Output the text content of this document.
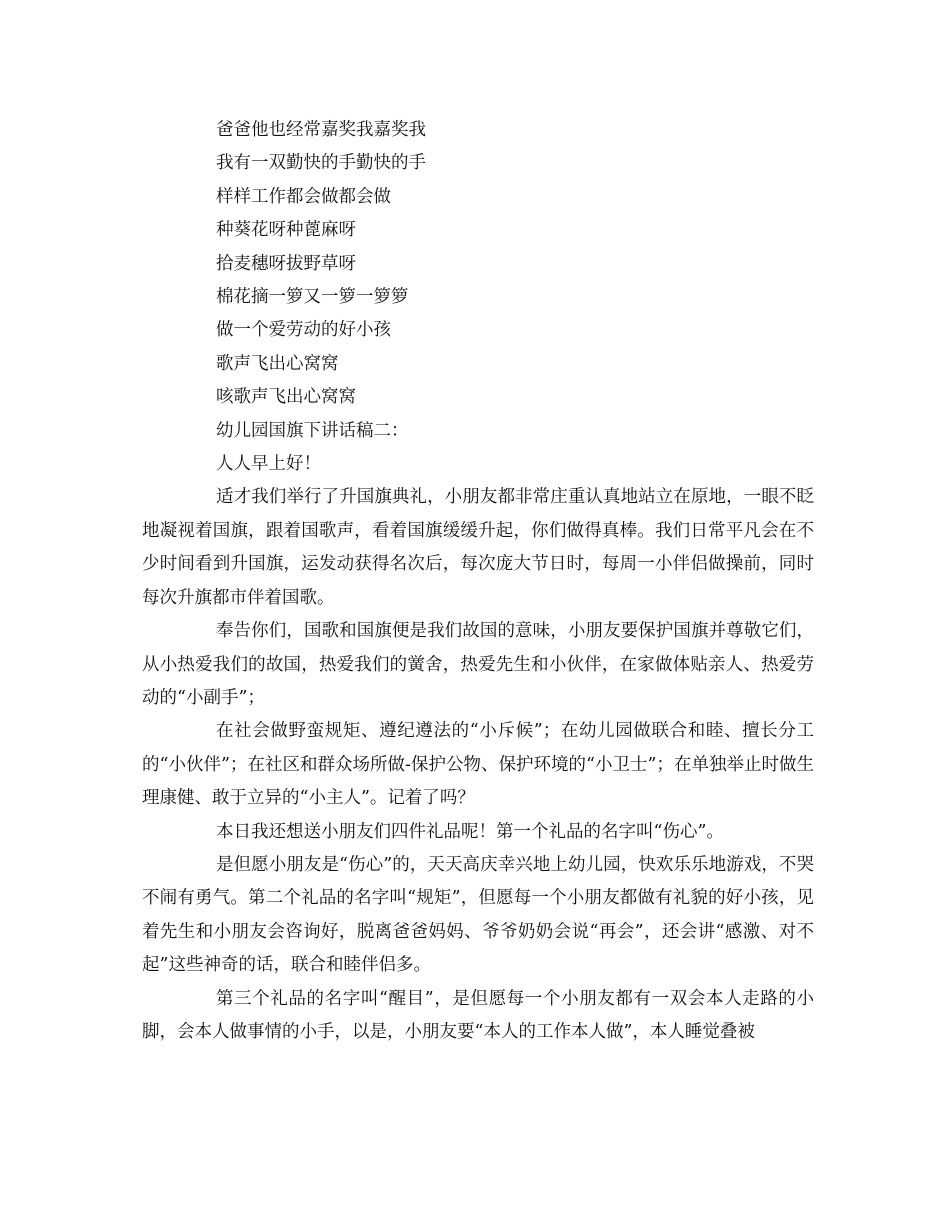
爸爸他也经常嘉奖我嘉奖我

我有一双勤快的手勤快的手

样样工作都会做都会做

种葵花呀种蓖麻呀

拾麦穗呀拔野草呀

棉花摘一箩又一箩一箩箩

做一个爱劳动的好小孩

歌声飞出心窝窝

咳歌声飞出心窝窝

幼儿园国旗下讲话稿二：

人人早上好！

适才我们举行了升国旗典礼，小朋友都非常庄重认真地站立在原地，一眼不眨地凝视着国旗，跟着国歌声，看着国旗缓缓升起，你们做得真棒。我们日常平凡会在不少时间看到升国旗，运发动获得名次后，每次庞大节日时，每周一小伴侣做操前，同时每次升旗都市伴着国歌。

奉告你们，国歌和国旗便是我们故国的意味，小朋友要保护国旗并尊敬它们，从小热爱我们的故国，热爱我们的黉舍，热爱先生和小伙伴，在家做体贴亲人、热爱劳动的“小副手”；

在社会做野蛮规矩、遵纪遵法的“小斥候”；在幼儿园做联合和睦、擅长分工的“小伙伴”；在社区和群众场所做-保护公物、保护环境的“小卫士”；在单独举止时做生理康健、敢于立异的“小主人”。记着了吗？

本日我还想送小朋友们四件礼品呢！第一个礼品的名字叫“伤心”。

是但愿小朋友是“伤心”的，天天高庆幸兴地上幼儿园，快欢乐乐地游戏，不哭不闹有勇气。第二个礼品的名字叫“规矩”，但愿每一个小朋友都做有礼貌的好小孩，见着先生和小朋友会咨询好，脱离爸爸妈妈、爷爷奶奶会说“再会”，还会讲“感激、对不起”这些神奇的话，联合和睦伴侣多。

第三个礼品的名字叫“醒目”，是但愿每一个小朋友都有一双会本人走路的小脚，会本人做事情的小手，以是，小朋友要“本人的工作本人做”，本人睡觉叠被
